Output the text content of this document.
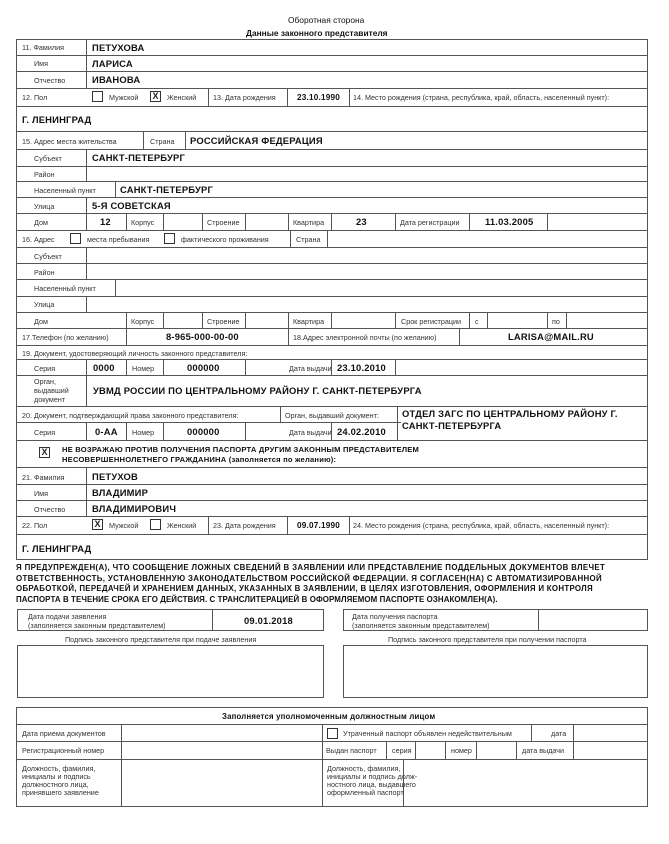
Оборотная сторона
Данные законного представителя
11. Фамилия	ПЕТУХОВА
Имя	ЛАРИСА
Отчество	ИВАНОВА
12. Пол	Мужской X	Женский 13. Дата рождения	23.10.1990 14. Место рождения (страна, республика, край, область, населенный пункт):
Г. ЛЕНИНГРАД
15. Адрес места жительства	Страна РОССИЙСКАЯ ФЕДЕРАЦИЯ
Субъект	САНКТ-ПЕТЕРБУРГ
Район
Населенный пункт	САНКТ-ПЕТЕРБУРГ
Улица	5-Я СОВЕТСКАЯ
Дом	12	Корпус	Строение	Квартира	23	Дата регистрации	11.03.2005
16. Адрес	места пребывания	фактического проживания	Страна
Субъект
Район
Населенный пункт
Улица
Дом	Корпус	Строение	Квартира	Срок регистрации с	по
17.Телефон (по желанию)	8-965-000-00-00	18.Адрес электронной почты (по желанию)	LARISA@MAIL.RU
19. Документ, удостоверяющий личность законного представителя:
Серия	0000 Номер	000000	Дата выдачи 23.10.2010
Орган, выдавший документ
УВМД РОССИИ ПО ЦЕНТРАЛЬНОМУ РАЙОНУ Г. САНКТ-ПЕТЕРБУРГА
20. Документ, подтверждающий права законного представителя:	Орган, выдавший документ: ОТДЕЛ ЗАГС ПО ЦЕНТРАЛЬНОМУ РАЙОНУ Г.
САНКТ-ПЕТЕРБУРГА
Серия	0-АА Номер	000000	Дата выдачи 24.02.2010
X	НЕ ВОЗРАЖАЮ ПРОТИВ ПОЛУЧЕНИЯ ПАСПОРТА ДРУГИМ ЗАКОННЫМ ПРЕДСТАВИТЕЛЕМ
НЕСОВЕРШЕННОЛЕТНЕГО ГРАЖДАНИНА (заполняется по желанию):
21. Фамилия	ПЕТУХОВ
Имя	ВЛАДИМИР
Отчество	ВЛАДИМИРОВИЧ
22. Пол	X	Мужской	Женский 23. Дата рождения	09.07.1990 24. Место рождения (страна, республика, край, область, населенный пункт):
Г. ЛЕНИНГРАД
Я ПРЕДУПРЕЖДЕН(А), ЧТО СООБЩЕНИЕ ЛОЖНЫХ СВЕДЕНИЙ В ЗАЯВЛЕНИИ ИЛИ ПРЕДСТАВЛЕНИЕ ПОДДЕЛЬНЫХ ДОКУМЕНТОВ ВЛЕЧЕТ
ОТВЕТСТВЕННОСТЬ, УСТАНОВЛЕННУЮ ЗАКОНОДАТЕЛЬСТВОМ РОССИЙСКОЙ ФЕДЕРАЦИИ. Я СОГЛАСЕН(НА) С АВТОМАТИЗИРОВАННОЙ
ОБРАБОТКОЙ, ПЕРЕДАЧЕЙ И ХРАНЕНИЕМ ДАННЫХ, УКАЗАННЫХ В ЗАЯВЛЕНИИ, В ЦЕЛЯХ ИЗГОТОВЛЕНИЯ, ОФОРМЛЕНИЯ И КОНТРОЛЯ
ПАСПОРТА В ТЕЧЕНИЕ СРОКА ЕГО ДЕЙСТВИЯ. С ТРАНСЛИТЕРАЦИЕЙ В ОФОРМЛЯЕМОМ ПАСПОРТЕ ОЗНАКОМЛЕН(А).
Дата подачи заявления
(заполняется законным представителем)	09.01.2018	Дата получения паспорта
(заполняется законным представителем)
Подпись законного представителя при подаче заявления	Подпись законного представителя при получении паспорта
Заполняется уполномоченным должностным лицом
Дата приема документов	Утраченный паспорт объявлен недействительным	дата
Регистрационный номер	Выдан паспорт серия	номер	дата выдачи
Должность, фамилия,
инициалы и подпись
должностного лица,
принявшего заявление
Должность, фамилия,
инициалы и подпись долж-
ностного лица, выдавшего
оформленный паспорт
